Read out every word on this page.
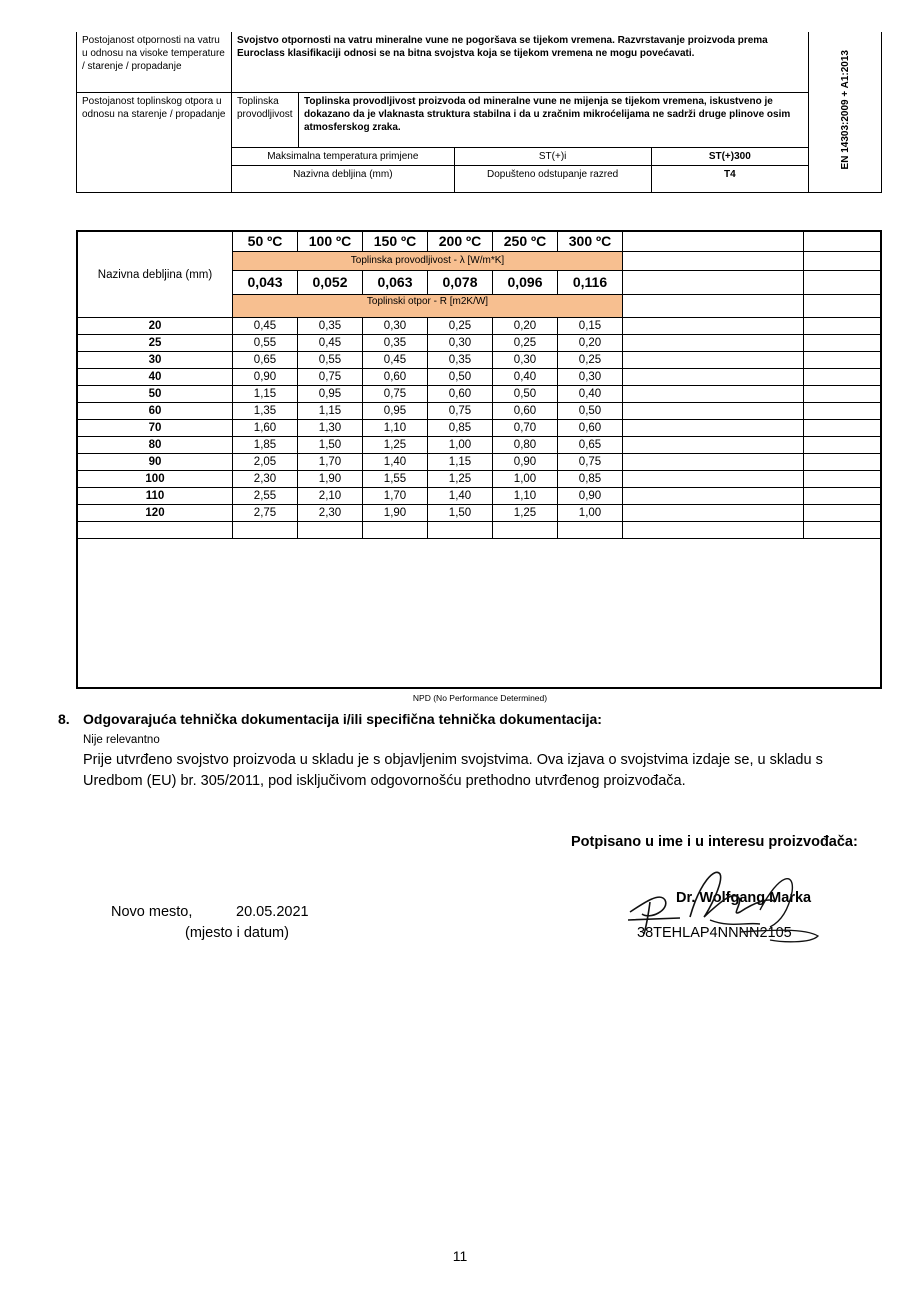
Postojanost otpornosti na vatru u odnosu na visoke temperature / starenje / propadanje	Svojstvo otpornosti na vatru mineralne vune ne pogoršava se tijekom vremena. Razvrstavanje proizvoda prema Euroclass klasifikaciji odnosi se na bitna svojstva koja se tijekom vremena ne mogu povećavati.				EN 14303:2009 + A1:2013
Postojanost toplinskog otpora u odnosu na starenje / propadanje	Toplinska provodljivost	Toplinska provodljivost proizvoda od mineralne vune ne mijenja se tijekom vremena, iskustveno je dokazano da je vlaknasta struktura stabilna i da u zračnim mikroćelijama ne sadrži druge plinove osim atmosferskog zraka.			
	Maksimalna temperatura primjene		ST(+)i	ST(+)300	
	Nazivna debljina (mm)		Dopušteno odstupanje razred	T4	
Nazivna debljina (mm)	50 ºC	100 ºC	150 ºC	200 ºC	250 ºC	300 ºC		
	Toplinska provodljivost - λ [W/m*K]							
	0,043	0,052	0,063	0,078	0,096	0,116		
	Toplinski otpor - R [m2K/W]							
20	0,45	0,35	0,30	0,25	0,20	0,15		
25	0,55	0,45	0,35	0,30	0,25	0,20		
30	0,65	0,55	0,45	0,35	0,30	0,25		
40	0,90	0,75	0,60	0,50	0,40	0,30		
50	1,15	0,95	0,75	0,60	0,50	0,40		
60	1,35	1,15	0,95	0,75	0,60	0,50		
70	1,60	1,30	1,10	0,85	0,70	0,60		
80	1,85	1,50	1,25	1,00	0,80	0,65		
90	2,05	1,70	1,40	1,15	0,90	0,75		
100	2,30	1,90	1,55	1,25	1,00	0,85		
110	2,55	2,10	1,70	1,40	1,10	0,90		
120	2,75	2,30	1,90	1,50	1,25	1,00		

NPD (No Performance Determined)
8. Odgovarajuća tehnička dokumentacija i/ili specifična tehnička dokumentacija:
Nije relevantno
Prije utvrđeno svojstvo proizvoda u skladu je s objavljenim svojstvima. Ova izjava o svojstvima izdaje se, u skladu s Uredbom (EU) br. 305/2011, pod isključivom odgovornošću prethodno utvrđenog proizvođača.
Potpisano u ime i u interesu proizvođača:
Novo mesto,	20.05.2021
(mjesto i datum)
Dr. Wolfgang Marka
38TEHLAP4NNNN2105
11
